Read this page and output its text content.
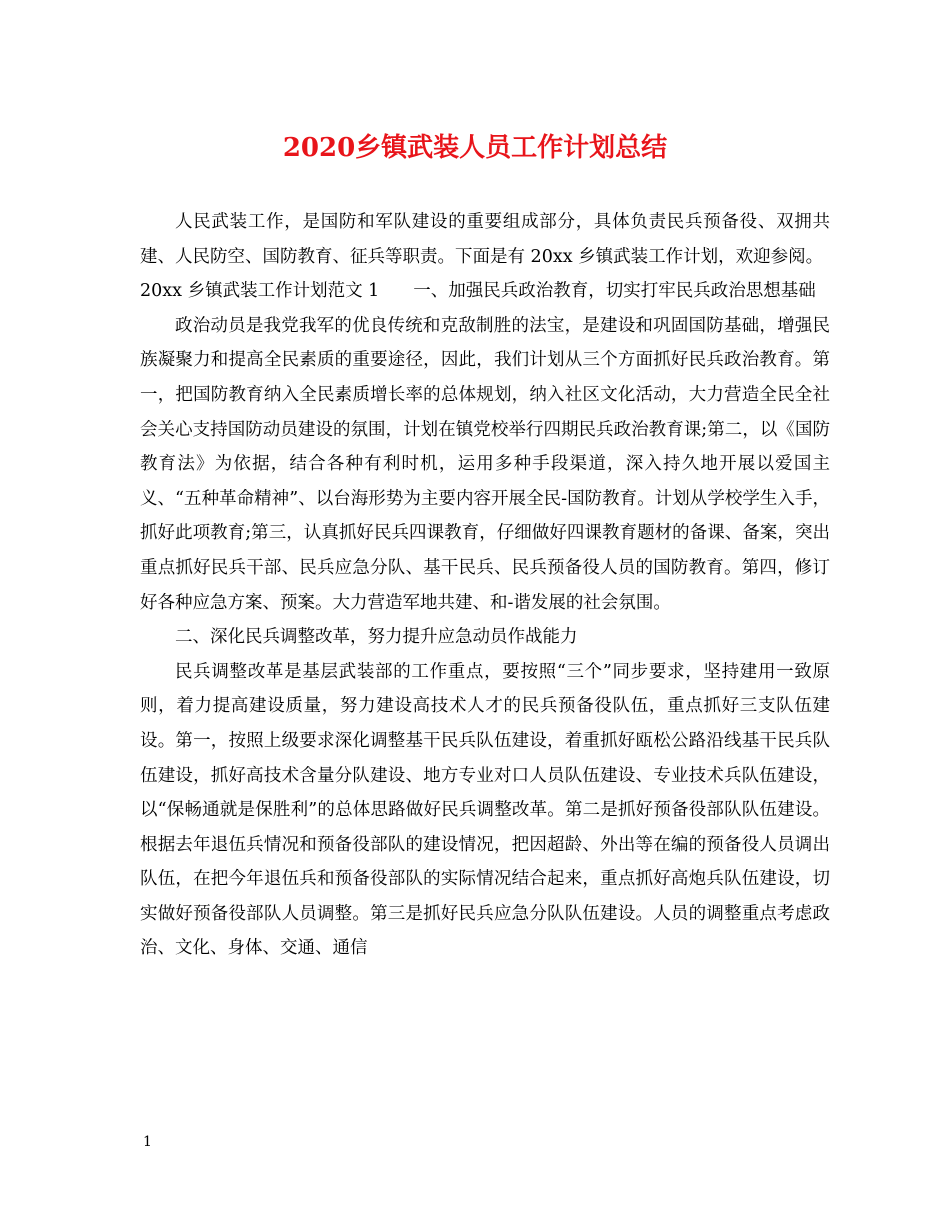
2020乡镇武装人员工作计划总结

人民武装工作，是国防和军队建设的重要组成部分，具体负责民兵预备役、双拥共建、人民防空、国防教育、征兵等职责。下面是有 20xx 乡镇武装工作计划，欢迎参阅。

20xx 乡镇武装工作计划范文 1 一、加强民兵政治教育，切实打牢民兵政治思想基础

政治动员是我党我军的优良传统和克敌制胜的法宝，是建设和巩固国防基础，增强民族凝聚力和提高全民素质的重要途径，因此，我们计划从三个方面抓好民兵政治教育。第一，把国防教育纳入全民素质增长率的总体规划，纳入社区文化活动，大力营造全民全社会关心支持国防动员建设的氛围，计划在镇党校举行四期民兵政治教育课;第二，以《国防教育法》为依据，结合各种有利时机，运用多种手段渠道，深入持久地开展以爱国主义、“五种革命精神”、以台海形势为主要内容开展全民-国防教育。计划从学校学生入手，抓好此项教育;第三，认真抓好民兵四课教育，仔细做好四课教育题材的备课、备案，突出重点抓好民兵干部、民兵应急分队、基干民兵、民兵预备役人员的国防教育。第四，修订好各种应急方案、预案。大力营造军地共建、和-谐发展的社会氛围。

二、深化民兵调整改革，努力提升应急动员作战能力

民兵调整改革是基层武装部的工作重点，要按照“三个”同步要求，坚持建用一致原则，着力提高建设质量，努力建设高技术人才的民兵预备役队伍，重点抓好三支队伍建设。第一，按照上级要求深化调整基干民兵队伍建设，着重抓好瓯松公路沿线基干民兵队伍建设，抓好高技术含量分队建设、地方专业对口人员队伍建设、专业技术兵队伍建设，以“保畅通就是保胜利”的总体思路做好民兵调整改革。第二是抓好预备役部队队伍建设。根据去年退伍兵情况和预备役部队的建设情况，把因超龄、外出等在编的预备役人员调出队伍，在把今年退伍兵和预备役部队的实际情况结合起来，重点抓好高炮兵队伍建设，切实做好预备役部队人员调整。第三是抓好民兵应急分队队伍建设。人员的调整重点考虑政治、文化、身体、交通、通信

1
